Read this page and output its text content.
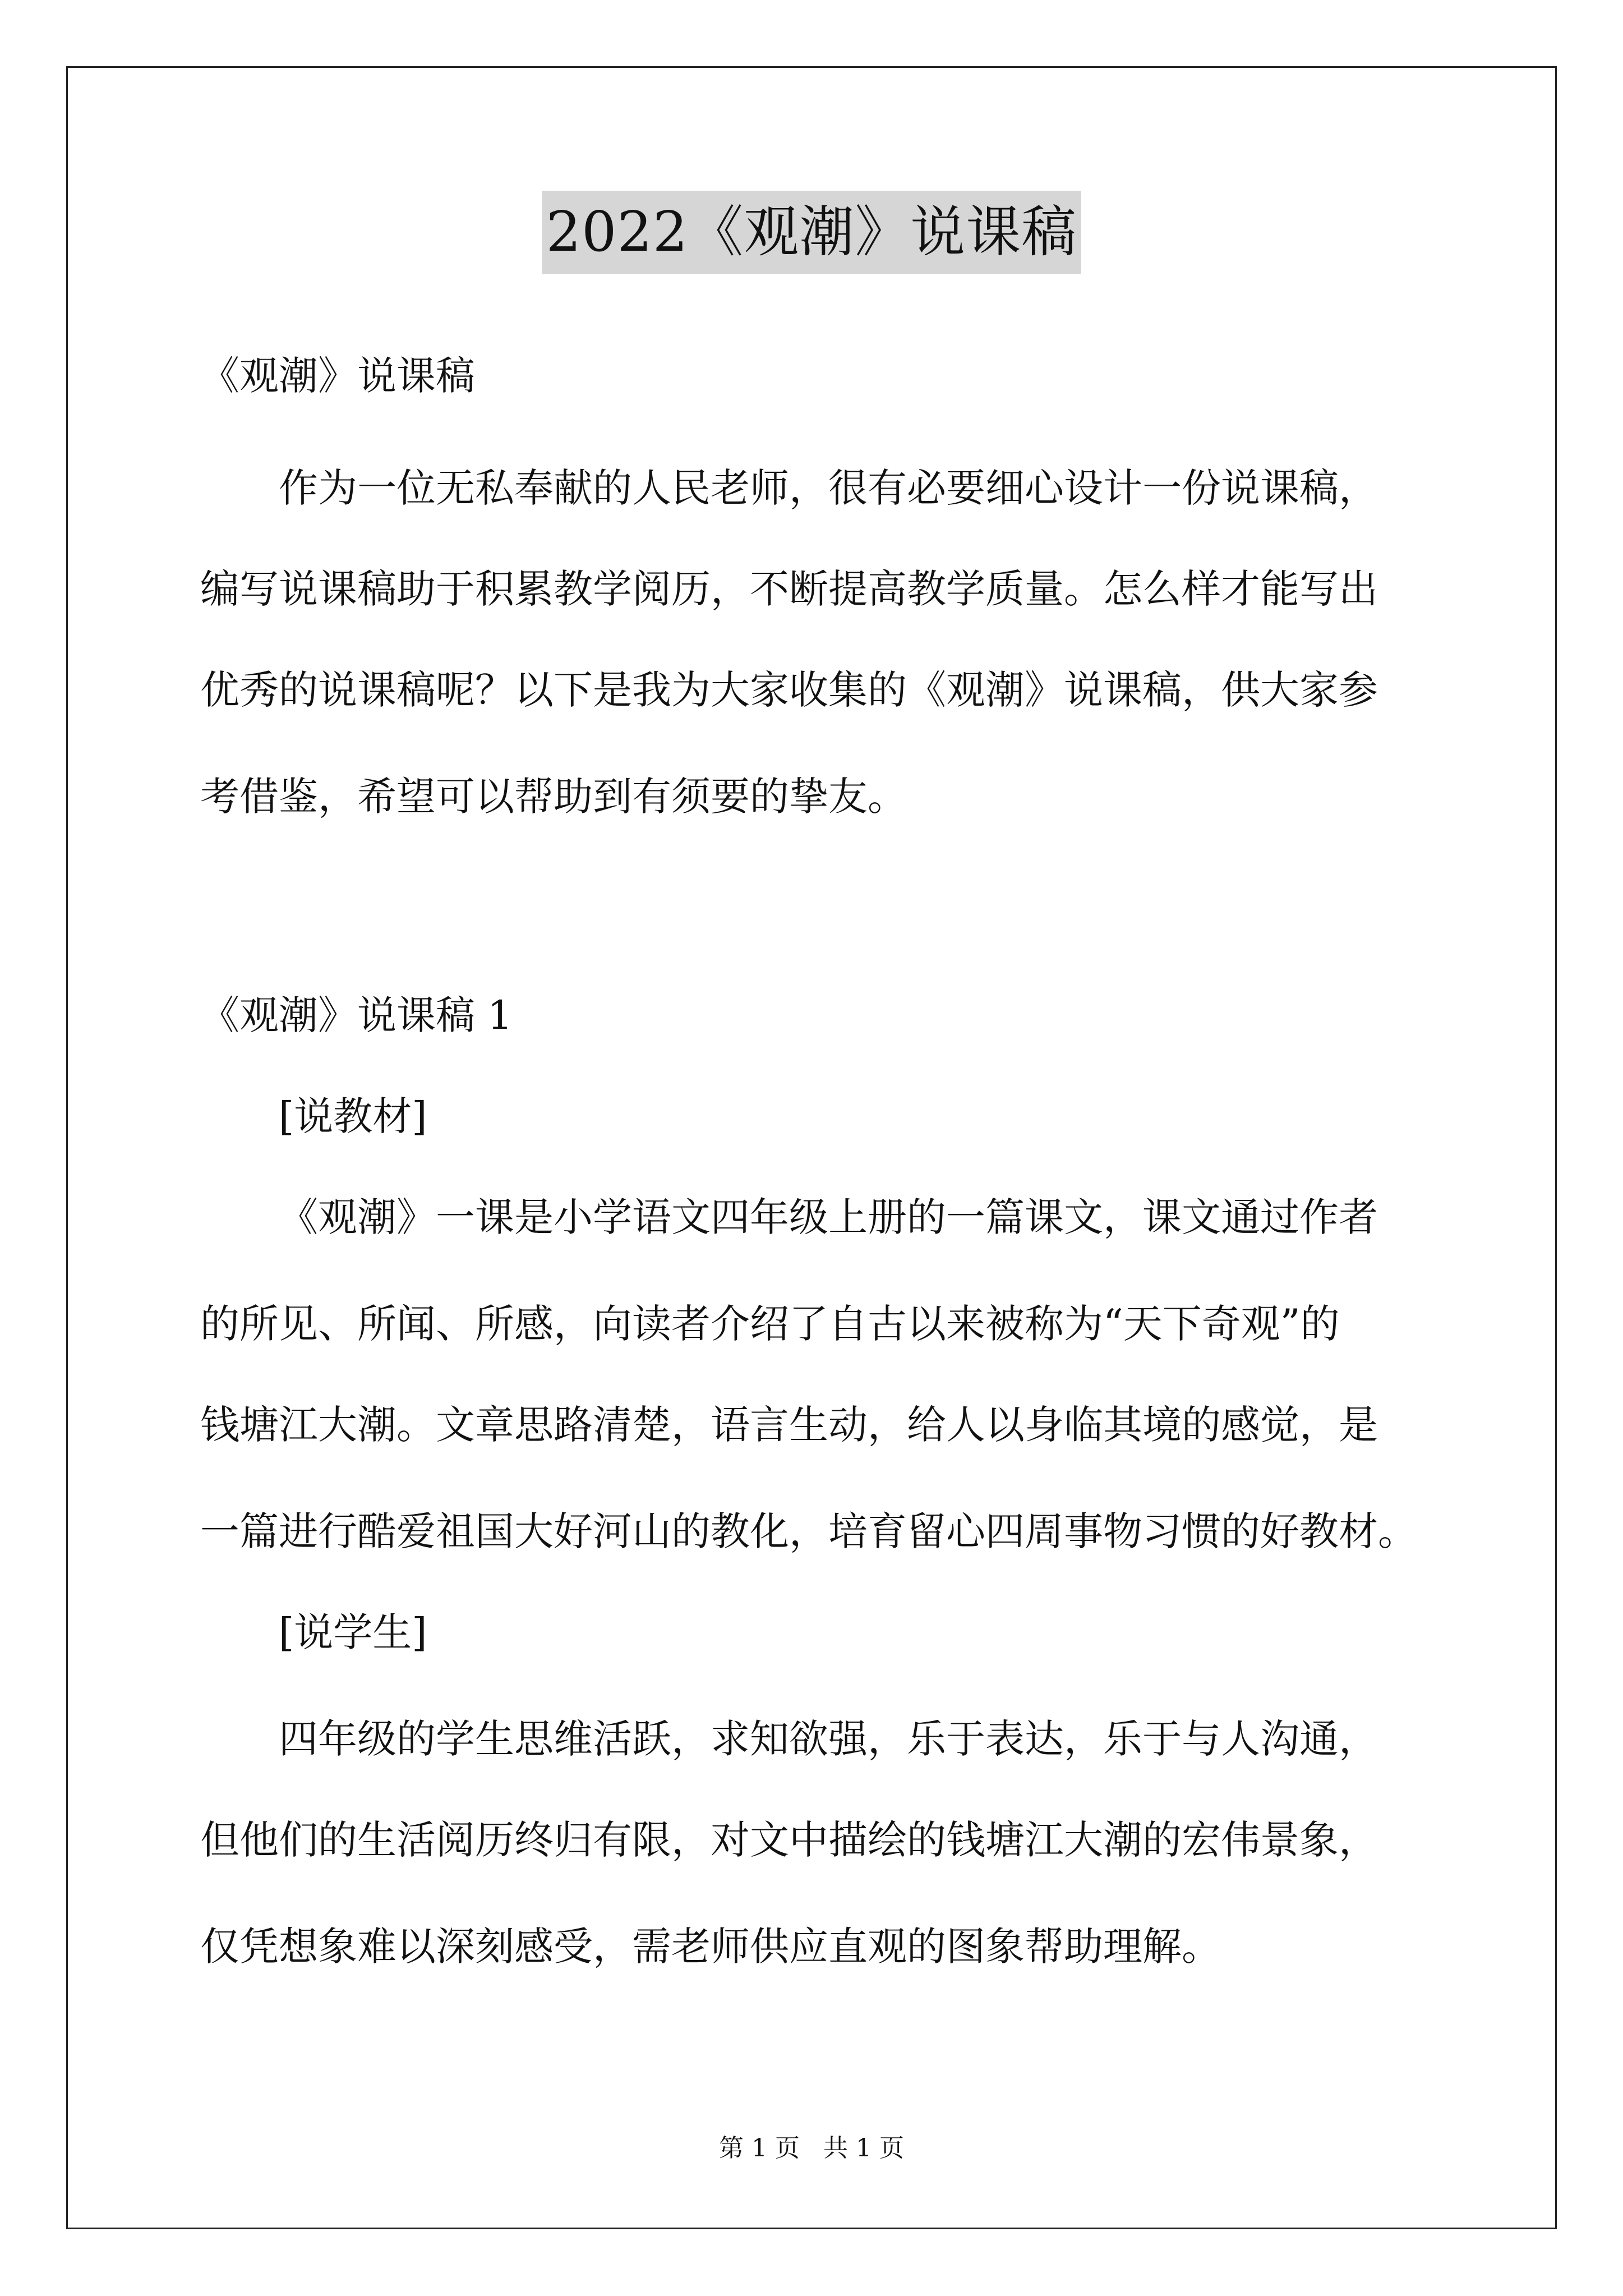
2022《观潮》说课稿

《观潮》说课稿

作为一位无私奉献的人民老师，很有必要细心设计一份说课稿，

编写说课稿助于积累教学阅历，不断提高教学质量。怎么样才能写出

优秀的说课稿呢？以下是我为大家收集的《观潮》说课稿，供大家参

考借鉴，希望可以帮助到有须要的挚友。

《观潮》说课稿 1

[说教材]

《观潮》一课是小学语文四年级上册的一篇课文，课文通过作者

的所见、所闻、所感，向读者介绍了自古以来被称为“天下奇观”的

钱塘江大潮。文章思路清楚，语言生动，给人以身临其境的感觉，是

一篇进行酷爱祖国大好河山的教化，培育留心四周事物习惯的好教材。

[说学生]

四年级的学生思维活跃，求知欲强，乐于表达，乐于与人沟通，

但他们的生活阅历终归有限，对文中描绘的钱塘江大潮的宏伟景象，

仅凭想象难以深刻感受，需老师供应直观的图象帮助理解。

第 1 页   共 1 页
